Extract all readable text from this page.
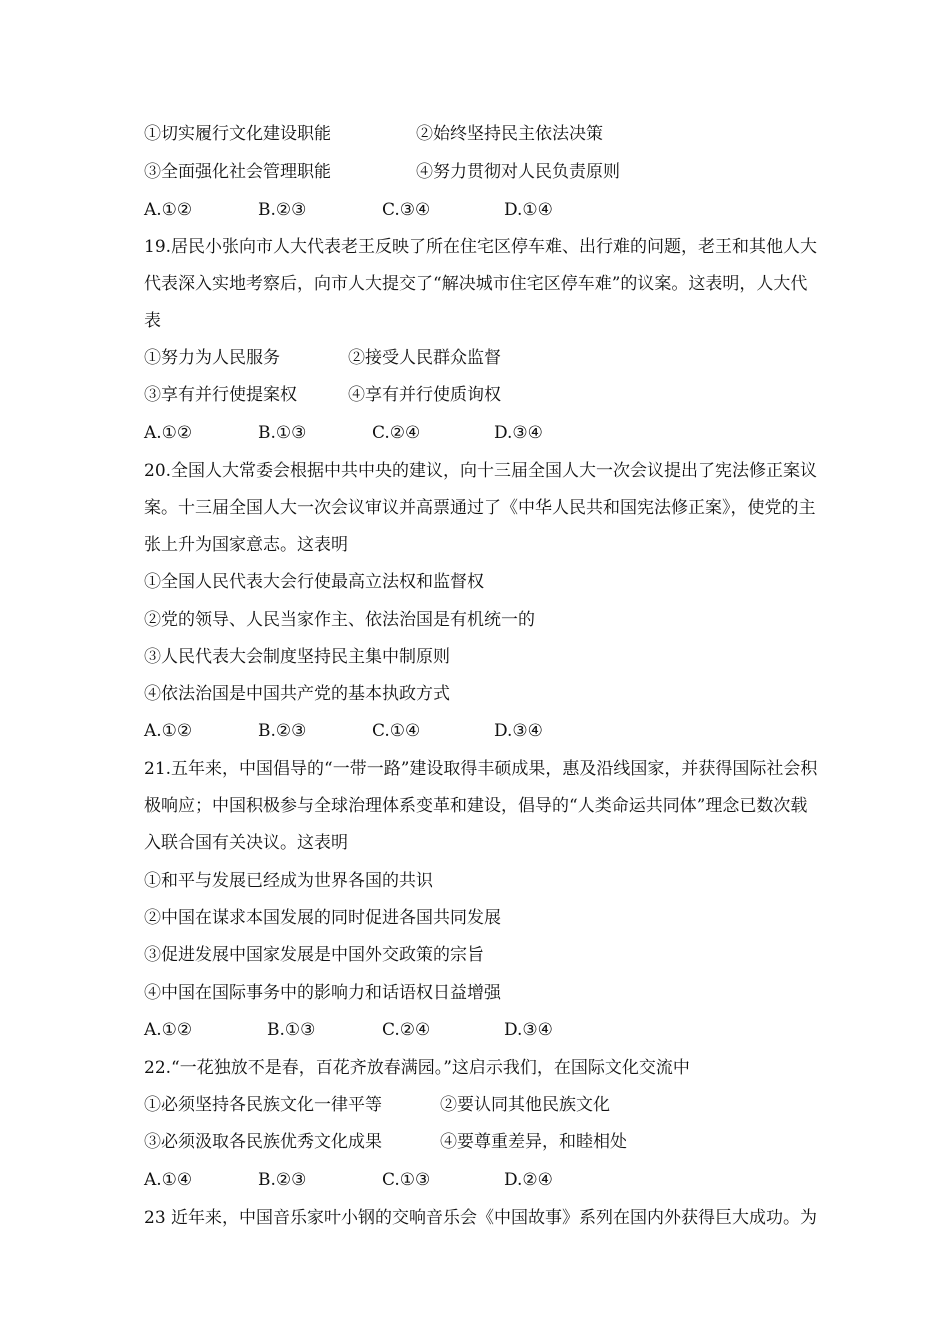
①切实履行文化建设职能	②始终坚持民主依法决策
③全面强化社会管理职能	④努力贯彻对人民负责原则
A.①②	B.②③	C.③④	D.①④
19.居民小张向市人大代表老王反映了所在住宅区停车难、出行难的问题，老王和其他人大
代表深入实地考察后，向市人大提交了“解决城市住宅区停车难”的议案。这表明，人大代
表
①努力为人民服务	②接受人民群众监督
③享有并行使提案权	④享有并行使质询权
A.①②	B.①③	C.②④	D.③④
20.全国人大常委会根据中共中央的建议，向十三届全国人大一次会议提出了宪法修正案议
案。十三届全国人大一次会议审议并高票通过了《中华人民共和国宪法修正案》，使党的主
张上升为国家意志。这表明
①全国人民代表大会行使最高立法权和监督权
②党的领导、人民当家作主、依法治国是有机统一的
③人民代表大会制度坚持民主集中制原则
④依法治国是中国共产党的基本执政方式
A.①②	B.②③	C.①④	D.③④
21.五年来，中国倡导的“一带一路”建设取得丰硕成果，惠及沿线国家，并获得国际社会积
极响应；中国积极参与全球治理体系变革和建设，倡导的“人类命运共同体”理念已数次载
入联合国有关决议。这表明
①和平与发展已经成为世界各国的共识
②中国在谋求本国发展的同时促进各国共同发展
③促进发展中国家发展是中国外交政策的宗旨
④中国在国际事务中的影响力和话语权日益增强
A.①②	B.①③	C.②④	D.③④
22.“一花独放不是春，百花齐放春满园。”这启示我们，在国际文化交流中
①必须坚持各民族文化一律平等	②要认同其他民族文化
③必须汲取各民族优秀文化成果	④要尊重差异，和睦相处
A.①④	B.②③	C.①③	D.②④
23 近年来，中国音乐家叶小钢的交响音乐会《中国故事》系列在国内外获得巨大成功。为
